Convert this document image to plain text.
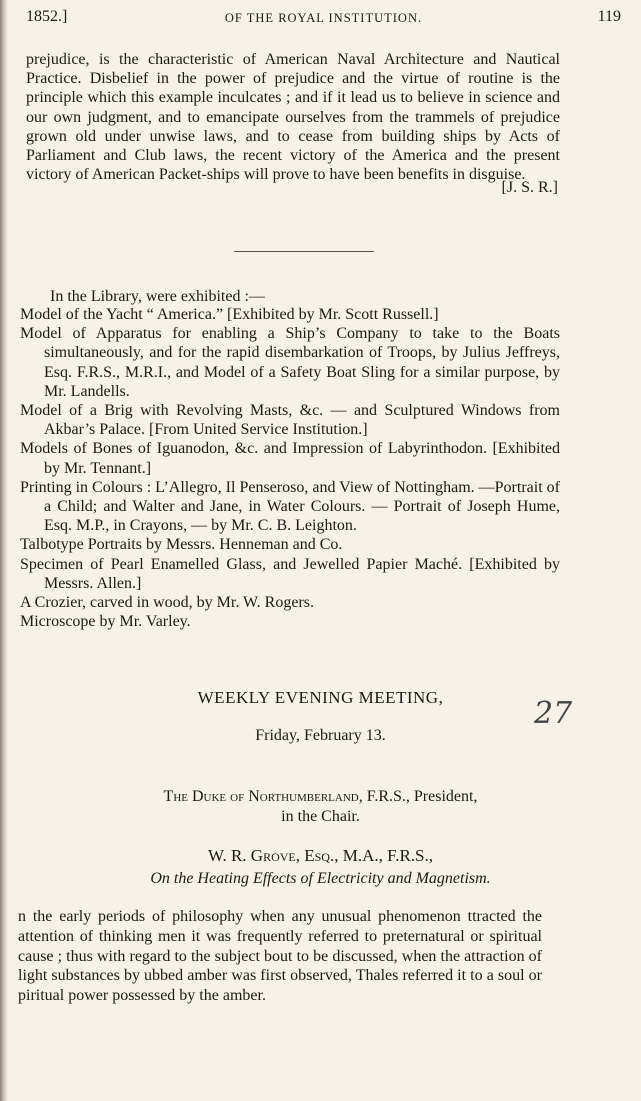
1852.]	OF THE ROYAL INSTITUTION.	119

prejudice, is the characteristic of American Naval Architecture and Nautical Practice. Disbelief in the power of prejudice and the virtue of routine is the principle which this example inculcates ; and if it lead us to believe in science and our own judgment, and to emancipate ourselves from the trammels of prejudice grown old under unwise laws, and to cease from building ships by Acts of Parliament and Club laws, the recent victory of the America and the present victory of American Packet-ships will prove to have been benefits in disguise.

[J. S. R.]
In the Library, were exhibited :—
Model of the Yacht “ America.” [Exhibited by Mr. Scott Russell.]
Model of Apparatus for enabling a Ship’s Company to take to the Boats simultaneously, and for the rapid disembarkation of Troops, by Julius Jeffreys, Esq. F.R.S., M.R.I., and Model of a Safety Boat Sling for a similar purpose, by Mr. Landells.
Model of a Brig with Revolving Masts, &c. — and Sculptured Windows from Akbar’s Palace. [From United Service Institution.]
Models of Bones of Iguanodon, &c. and Impression of Labyrinthodon. [Exhibited by Mr. Tennant.]
Printing in Colours : L’Allegro, Il Penseroso, and View of Nottingham. —Portrait of a Child; and Walter and Jane, in Water Colours. — Portrait of Joseph Hume, Esq. M.P., in Crayons, — by Mr. C. B. Leighton.
Talbotype Portraits by Messrs. Henneman and Co.
Specimen of Pearl Enamelled Glass, and Jewelled Papier Maché. [Exhibited by Messrs. Allen.]
A Crozier, carved in wood, by Mr. W. Rogers.
Microscope by Mr. Varley.
WEEKLY EVENING MEETING,	27
Friday, February 13.
The Duke of Northumberland, F.R.S., President,
in the Chair.
W. R. Grove, Esq., M.A., F.R.S.,
On the Heating Effects of Electricity and Magnetism.

n the early periods of philosophy when any unusual phenomenon ttracted the attention of thinking men it was frequently referred to preternatural or spiritual cause ; thus with regard to the subject bout to be discussed, when the attraction of light substances by ubbed amber was first observed, Thales referred it to a soul or piritual power possessed by the amber.
